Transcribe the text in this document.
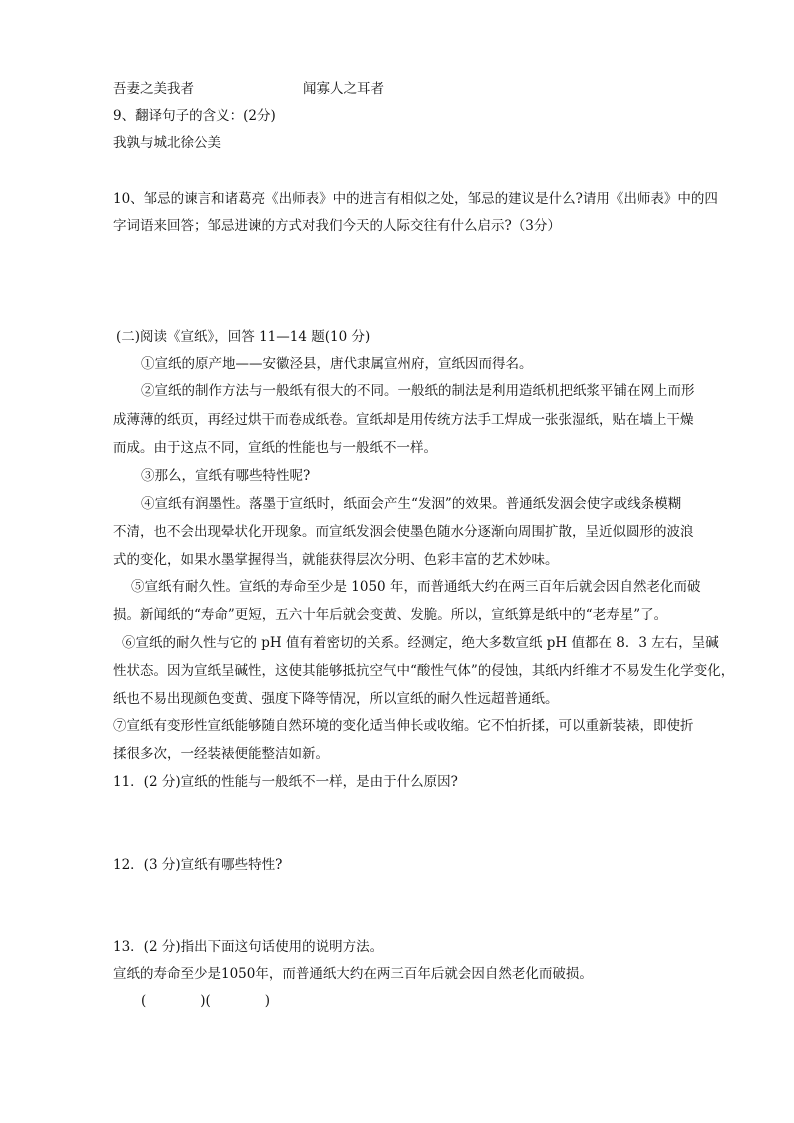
吾妻之美我者	闻寡人之耳者
9、翻译句子的含义：(2分)
我孰与城北徐公美
10、邹忌的谏言和诸葛亮《出师表》中的进言有相似之处，邹忌的建议是什么?请用《出师表》中的四
字词语来回答；邹忌进谏的方式对我们今天的人际交往有什么启示?（3分）
(二)阅读《宣纸》，回答 11—14 题(10 分)
①宣纸的原产地——安徽泾县，唐代隶属宣州府，宣纸因而得名。
②宣纸的制作方法与一般纸有很大的不同。一般纸的制法是利用造纸机把纸浆平铺在网上而形
成薄薄的纸页，再经过烘干而卷成纸卷。宣纸却是用传统方法手工焊成一张张湿纸，贴在墙上干燥
而成。由于这点不同，宣纸的性能也与一般纸不一样。
③那么，宣纸有哪些特性呢?
④宣纸有润墨性。落墨于宣纸时，纸面会产生“发洇”的效果。普通纸发洇会使字或线条模糊
不清，也不会出现晕状化开现象。而宣纸发洇会使墨色随水分逐渐向周围扩散，呈近似圆形的波浪
式的变化，如果水墨掌握得当，就能获得层次分明、色彩丰富的艺术妙味。
⑤宣纸有耐久性。宣纸的寿命至少是 1050 年，而普通纸大约在两三百年后就会因自然老化而破
损。新闻纸的“寿命”更短，五六十年后就会变黄、发脆。所以，宣纸算是纸中的“老寿星”了。
⑥宣纸的耐久性与它的 pH 值有着密切的关系。经测定，绝大多数宣纸 pH 值都在 8．3 左右，呈碱
性状态。因为宣纸呈碱性，这使其能够抵抗空气中“酸性气体”的侵蚀，其纸内纤维才不易发生化学变化，
纸也不易出现颜色变黄、强度下降等情况，所以宣纸的耐久性远超普通纸。
⑦宣纸有变形性宣纸能够随自然环境的变化适当伸长或收缩。它不怕折揉，可以重新装裱，即使折
揉很多次，一经装裱便能整洁如新。
11．(2 分)宣纸的性能与一般纸不一样，是由于什么原因?
12．(3 分)宣纸有哪些特性?
13．(2 分)指出下面这句话使用的说明方法。
宣纸的寿命至少是1050年，而普通纸大约在两三百年后就会因自然老化而破损。
(　　　　)(　　　　)
